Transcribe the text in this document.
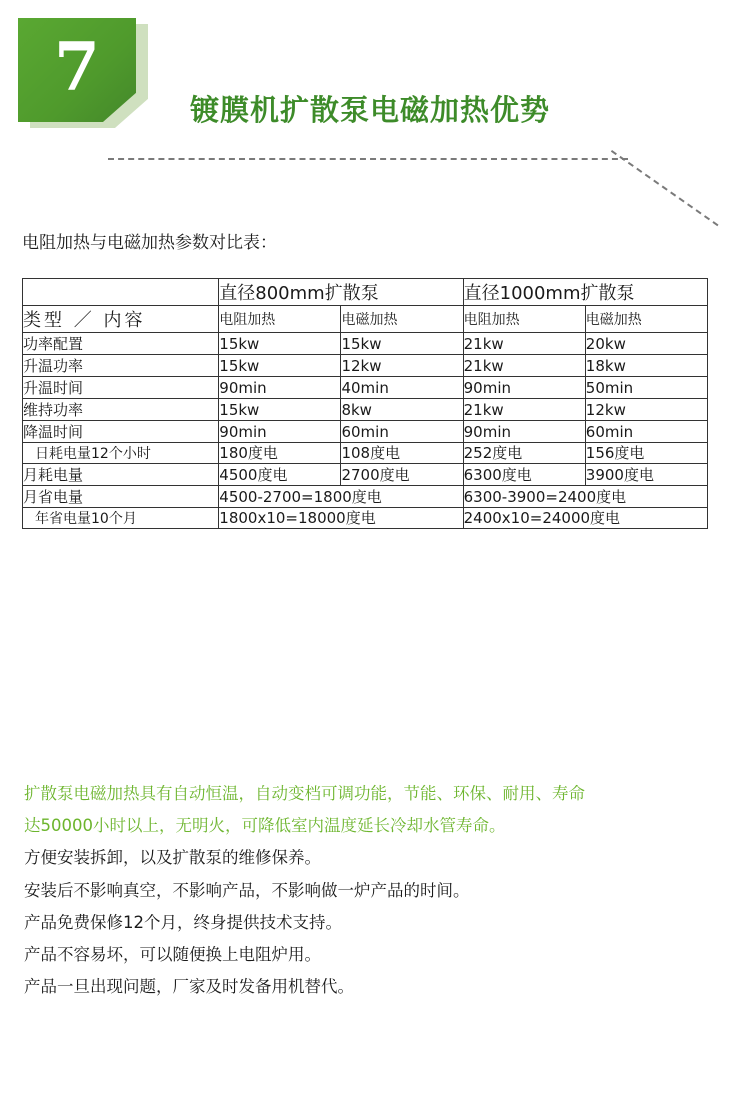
7
镀膜机扩散泵电磁加热优势
电阻加热与电磁加热参数对比表：
	直径800mm扩散泵		直径1000mm扩散泵	
类型 ／ 内容	电阻加热	电磁加热	电阻加热	电磁加热
功率配置	15kw	15kw	21kw	20kw
升温功率	15kw	12kw	21kw	18kw
升温时间	90min	40min	90min	50min
维持功率	15kw	8kw	21kw	12kw
降温时间	90min	60min	90min	60min
日耗电量12个小时	180度电	108度电	252度电	156度电
月耗电量	4500度电	2700度电	6300度电	3900度电
月省电量	4500-2700=1800度电		6300-3900=2400度电	
年省电量10个月	1800x10=18000度电		2400x10=24000度电	
扩散泵电磁加热具有自动恒温，自动变档可调功能，节能、环保、耐用、寿命
达50000小时以上，无明火，可降低室内温度延长冷却水管寿命。
方便安装拆卸，以及扩散泵的维修保养。
安装后不影响真空，不影响产品，不影响做一炉产品的时间。
产品免费保修12个月，终身提供技术支持。
产品不容易坏，可以随便换上电阻炉用。
产品一旦出现问题，厂家及时发备用机替代。
